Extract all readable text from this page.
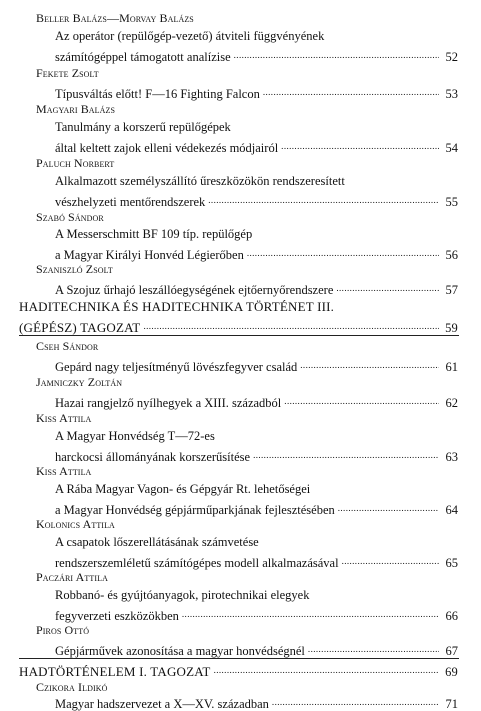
Beller Balázs—Morvay Balázs
Az operátor (repülőgép-vezető) átviteli függvényének
számítógéppel támogatott analízise .....	52
Fekete Zsolt
Típusváltás előtt! F—16 Fighting Falcon .....	53
Magyari Balázs
Tanulmány a korszerű repülőgépek
által keltett zajok elleni védekezés módjairól .....	54
Paluch Norbert
Alkalmazott személyszállító űreszközökön rendszeresített
vészhelyzeti mentőrendszerek .....	55
Szabó Sándor
A Messerschmitt BF 109 típ. repülőgép
a Magyar Királyi Honvéd Légierőben .....	56
Szaniszló Zsolt
A Szojuz űrhajó leszállóegységének ejtőernyőrendszere .....	57
HADITECHNIKA ÉS HADITECHNIKA TÖRTÉNET III.
(GÉPÉSZ) TAGOZAT .....	59
Cseh Sándor
Gepárd nagy teljesítményű lövészfegyver család .....	61
Jamniczky Zoltán
Hazai rangjelző nyílhegyek a XIII. századból .....	62
Kiss Attila
A Magyar Honvédség T—72-es
harckocsi állományának korszerűsítése .....	63
Kiss Attila
A Rába Magyar Vagon- és Gépgyár Rt. lehetőségei
a Magyar Honvédség gépjárműparkjának fejlesztésében .....	64
Kolonics Attila
A csapatok lőszerellátásának számvetése
rendszerszemléletű számítógépes modell alkalmazásával .....	65
Paczári Attila
Robbanó- és gyújtóanyagok, pirotechnikai elegyek
fegyverzeti eszközökben .....	66
Piros Ottó
Gépjárművek azonosítása a magyar honvédségnél .....	67
HADTÖRTÉNELEM I. TAGOZAT .....	69
Czikora Ildikó
Magyar hadszervezet a X—XV. században .....	71
